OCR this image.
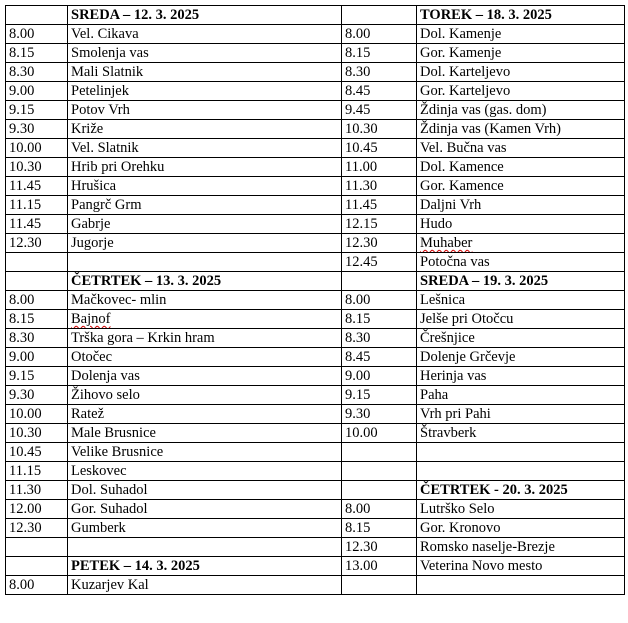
	SREDA – 12. 3. 2025		TOREK – 18. 3. 2025
8.00	Vel. Cikava	8.00	Dol. Kamenje
8.15	Smolenja vas	8.15	Gor. Kamenje
8.30	Mali Slatnik	8.30	Dol. Karteljevo
9.00	Petelinjek	8.45	Gor. Karteljevo
9.15	Potov Vrh	9.45	Ždinja vas (gas. dom)
9.30	Križe	10.30	Ždinja vas (Kamen Vrh)
10.00	Vel. Slatnik	10.45	Vel. Bučna vas
10.30	Hrib pri Orehku	11.00	Dol. Kamence
11.45	Hrušica	11.30	Gor. Kamence
11.15	Pangrč Grm	11.45	Daljni Vrh
11.45	Gabrje	12.15	Hudo
12.30	Jugorje	12.30	Muhaber
		12.45	Potočna vas
	ČETRTEK – 13. 3. 2025		SREDA – 19. 3. 2025
8.00	Mačkovec- mlin	8.00	Lešnica
8.15	Bajnof	8.15	Jelše pri Otočcu
8.30	Trška gora – Krkin hram	8.30	Črešnjice
9.00	Otočec	8.45	Dolenje Grčevje
9.15	Dolenja vas	9.00	Herinja vas
9.30	Žihovo selo	9.15	Paha
10.00	Ratež	9.30	Vrh pri Pahi
10.30	Male Brusnice	10.00	Štravberk
10.45	Velike Brusnice		
11.15	Leskovec		
11.30	Dol. Suhadol		ČETRTEK - 20. 3. 2025
12.00	Gor. Suhadol	8.00	Lutrško Selo
12.30	Gumberk	8.15	Gor. Kronovo
		12.30	Romsko naselje-Brezje
	PETEK – 14. 3. 2025	13.00	Veterina Novo mesto
8.00	Kuzarjev Kal		
